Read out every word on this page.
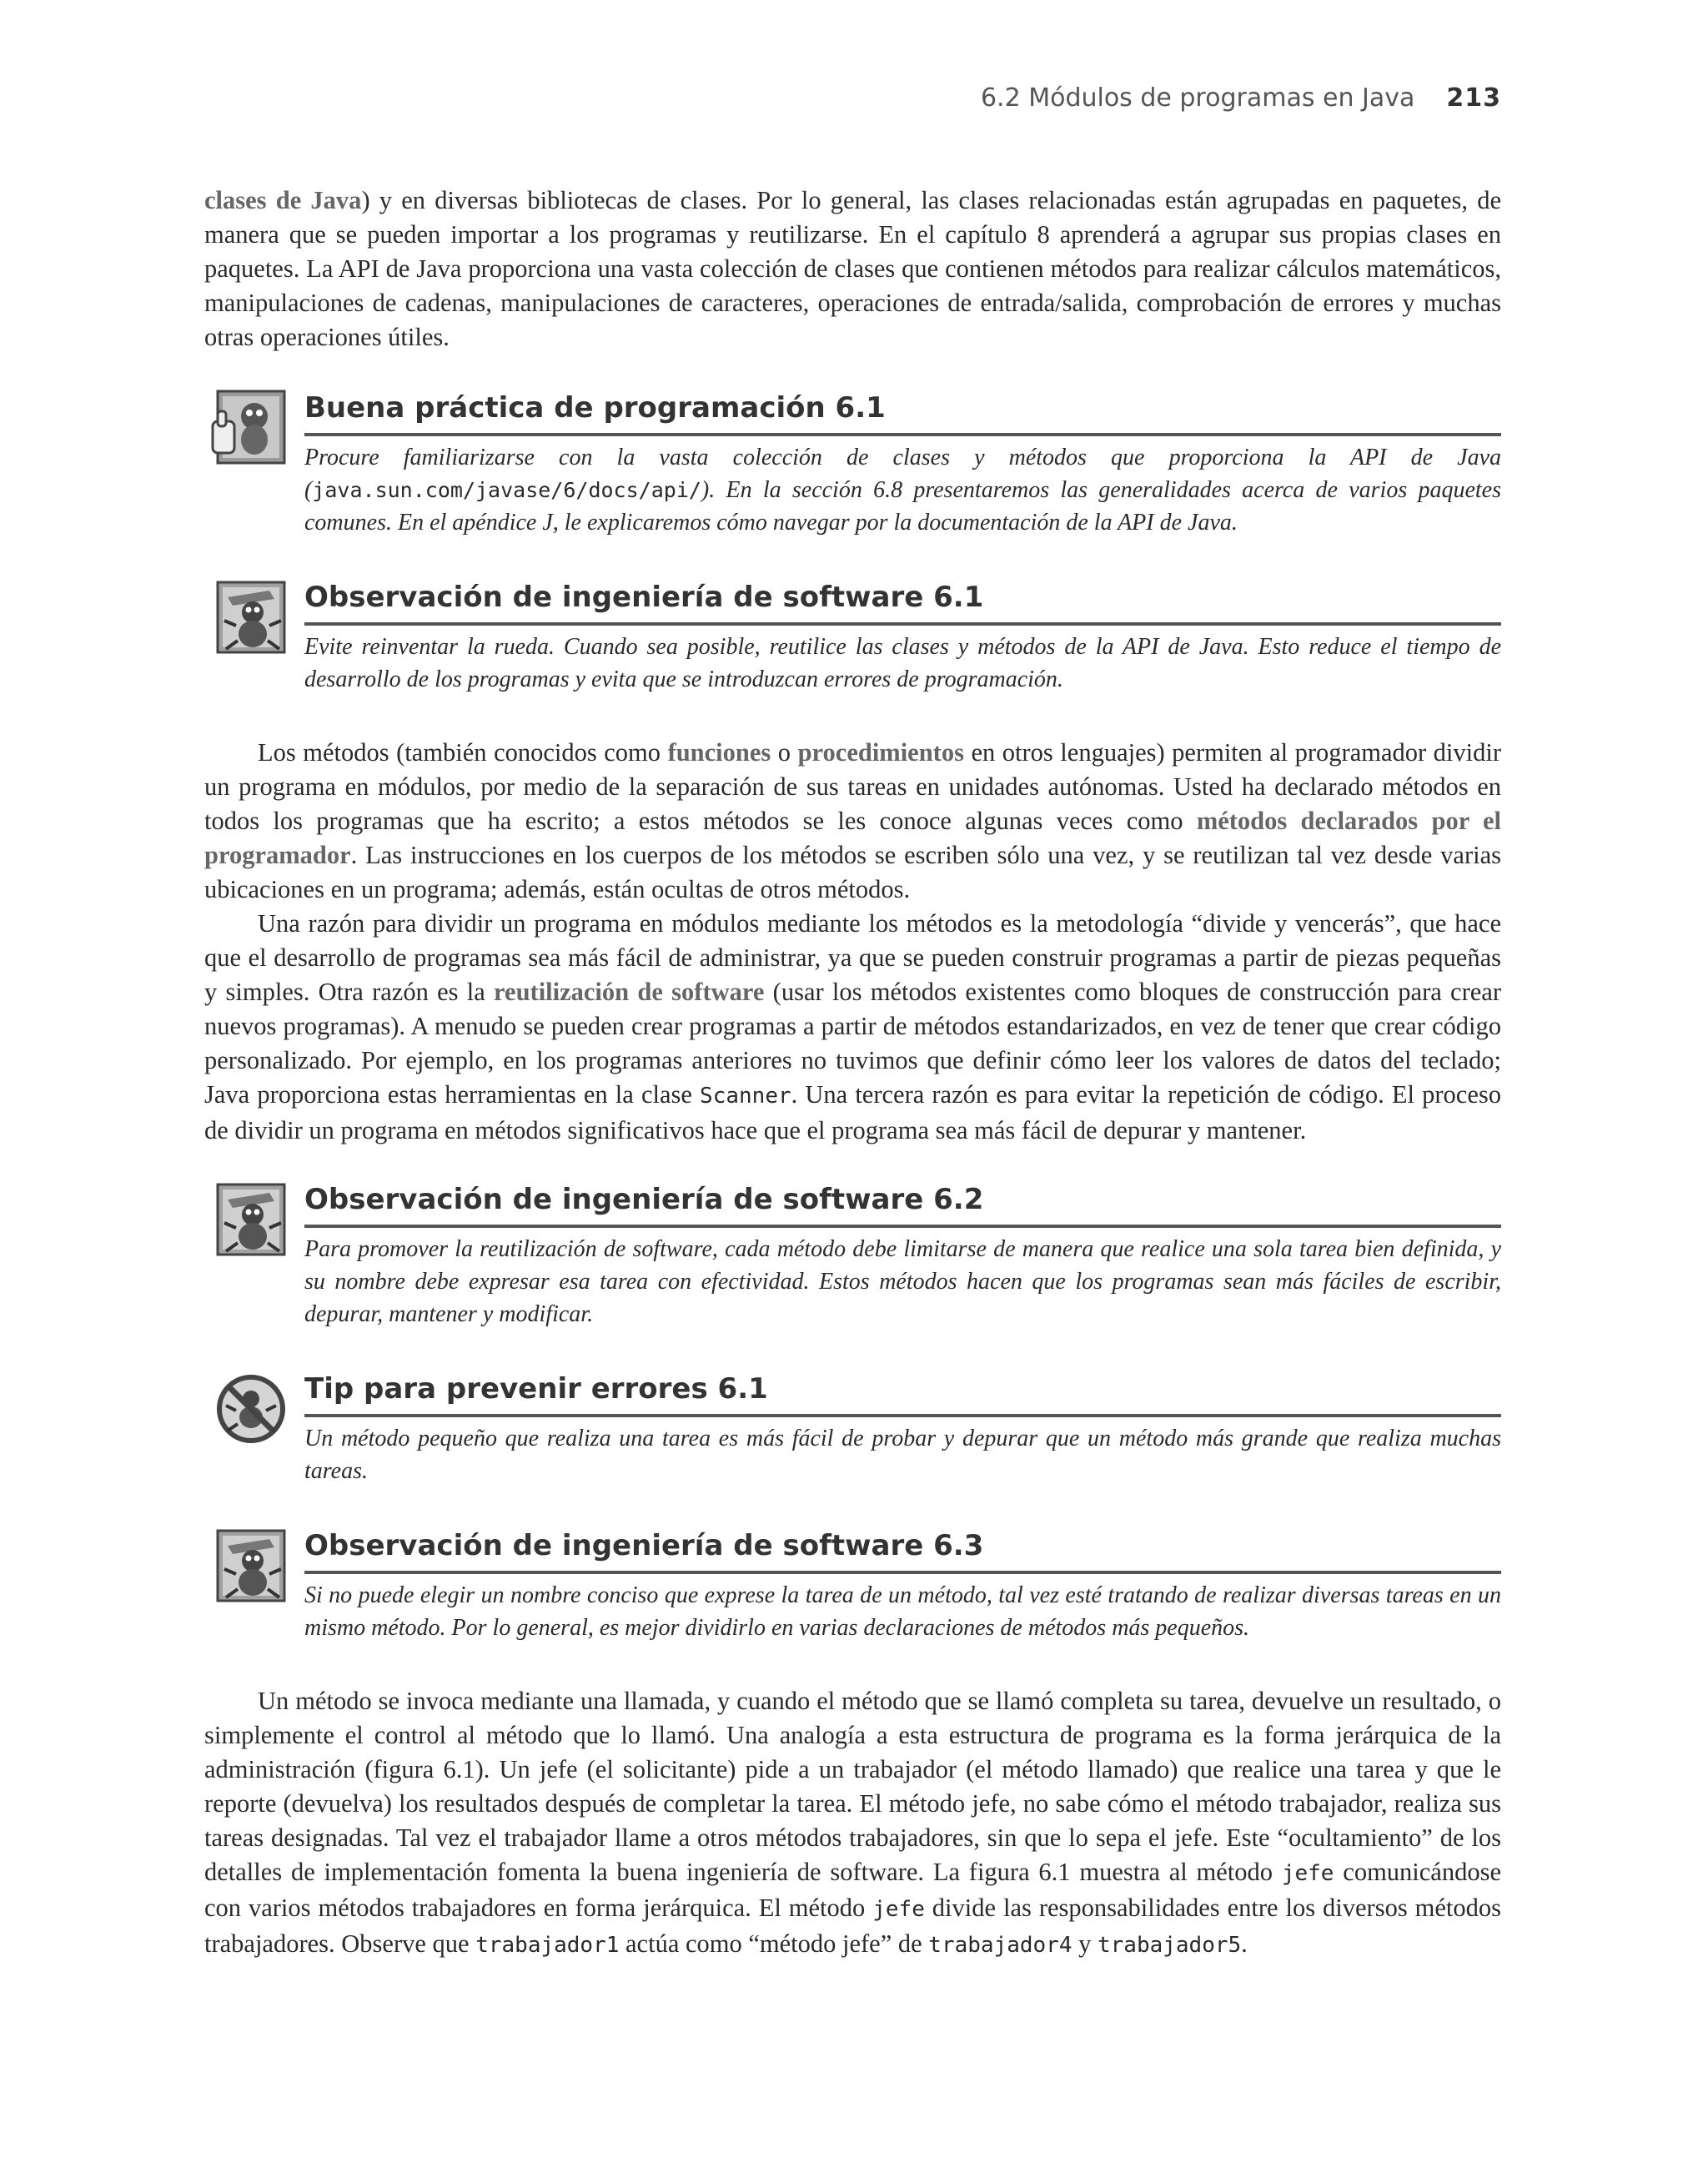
6.2 Módulos de programas en Java 213

clases de Java) y en diversas bibliotecas de clases. Por lo general, las clases relacionadas están agrupadas en paquetes, de manera que se pueden importar a los programas y reutilizarse. En el capítulo 8 aprenderá a agrupar sus propias clases en paquetes. La API de Java proporciona una vasta colección de clases que contienen métodos para realizar cálculos matemáticos, manipulaciones de cadenas, manipulaciones de caracteres, operaciones de entrada/salida, comprobación de errores y muchas otras operaciones útiles.

Buena práctica de programación 6.1
Procure familiarizarse con la vasta colección de clases y métodos que proporciona la API de Java (java.sun.com/javase/6/docs/api/). En la sección 6.8 presentaremos las generalidades acerca de varios paquetes comunes. En el apéndice J, le explicaremos cómo navegar por la documentación de la API de Java.
Observación de ingeniería de software 6.1
Evite reinventar la rueda. Cuando sea posible, reutilice las clases y métodos de la API de Java. Esto reduce el tiempo de desarrollo de los programas y evita que se introduzcan errores de programación.

Los métodos (también conocidos como funciones o procedimientos en otros lenguajes) permiten al programador dividir un programa en módulos, por medio de la separación de sus tareas en unidades autónomas. Usted ha declarado métodos en todos los programas que ha escrito; a estos métodos se les conoce algunas veces como métodos declarados por el programador. Las instrucciones en los cuerpos de los métodos se escriben sólo una vez, y se reutilizan tal vez desde varias ubicaciones en un programa; además, están ocultas de otros métodos.

Una razón para dividir un programa en módulos mediante los métodos es la metodología “divide y vencerás”, que hace que el desarrollo de programas sea más fácil de administrar, ya que se pueden construir programas a partir de piezas pequeñas y simples. Otra razón es la reutilización de software (usar los métodos existentes como bloques de construcción para crear nuevos programas). A menudo se pueden crear programas a partir de métodos estandarizados, en vez de tener que crear código personalizado. Por ejemplo, en los programas anteriores no tuvimos que definir cómo leer los valores de datos del teclado; Java proporciona estas herramientas en la clase Scanner. Una tercera razón es para evitar la repetición de código. El proceso de dividir un programa en métodos significativos hace que el programa sea más fácil de depurar y mantener.

Observación de ingeniería de software 6.2
Para promover la reutilización de software, cada método debe limitarse de manera que realice una sola tarea bien definida, y su nombre debe expresar esa tarea con efectividad. Estos métodos hacen que los programas sean más fáciles de escribir, depurar, mantener y modificar.
Tip para prevenir errores 6.1
Un método pequeño que realiza una tarea es más fácil de probar y depurar que un método más grande que realiza muchas tareas.
Observación de ingeniería de software 6.3
Si no puede elegir un nombre conciso que exprese la tarea de un método, tal vez esté tratando de realizar diversas tareas en un mismo método. Por lo general, es mejor dividirlo en varias declaraciones de métodos más pequeños.

Un método se invoca mediante una llamada, y cuando el método que se llamó completa su tarea, devuelve un resultado, o simplemente el control al método que lo llamó. Una analogía a esta estructura de programa es la forma jerárquica de la administración (figura 6.1). Un jefe (el solicitante) pide a un trabajador (el método llamado) que realice una tarea y que le reporte (devuelva) los resultados después de completar la tarea. El método jefe, no sabe cómo el método trabajador, realiza sus tareas designadas. Tal vez el trabajador llame a otros métodos trabajadores, sin que lo sepa el jefe. Este “ocultamiento” de los detalles de implementación fomenta la buena ingeniería de software. La figura 6.1 muestra al método jefe comunicándose con varios métodos trabajadores en forma jerárquica. El método jefe divide las responsabilidades entre los diversos métodos trabajadores. Observe que trabajador1 actúa como “método jefe” de trabajador4 y trabajador5.
